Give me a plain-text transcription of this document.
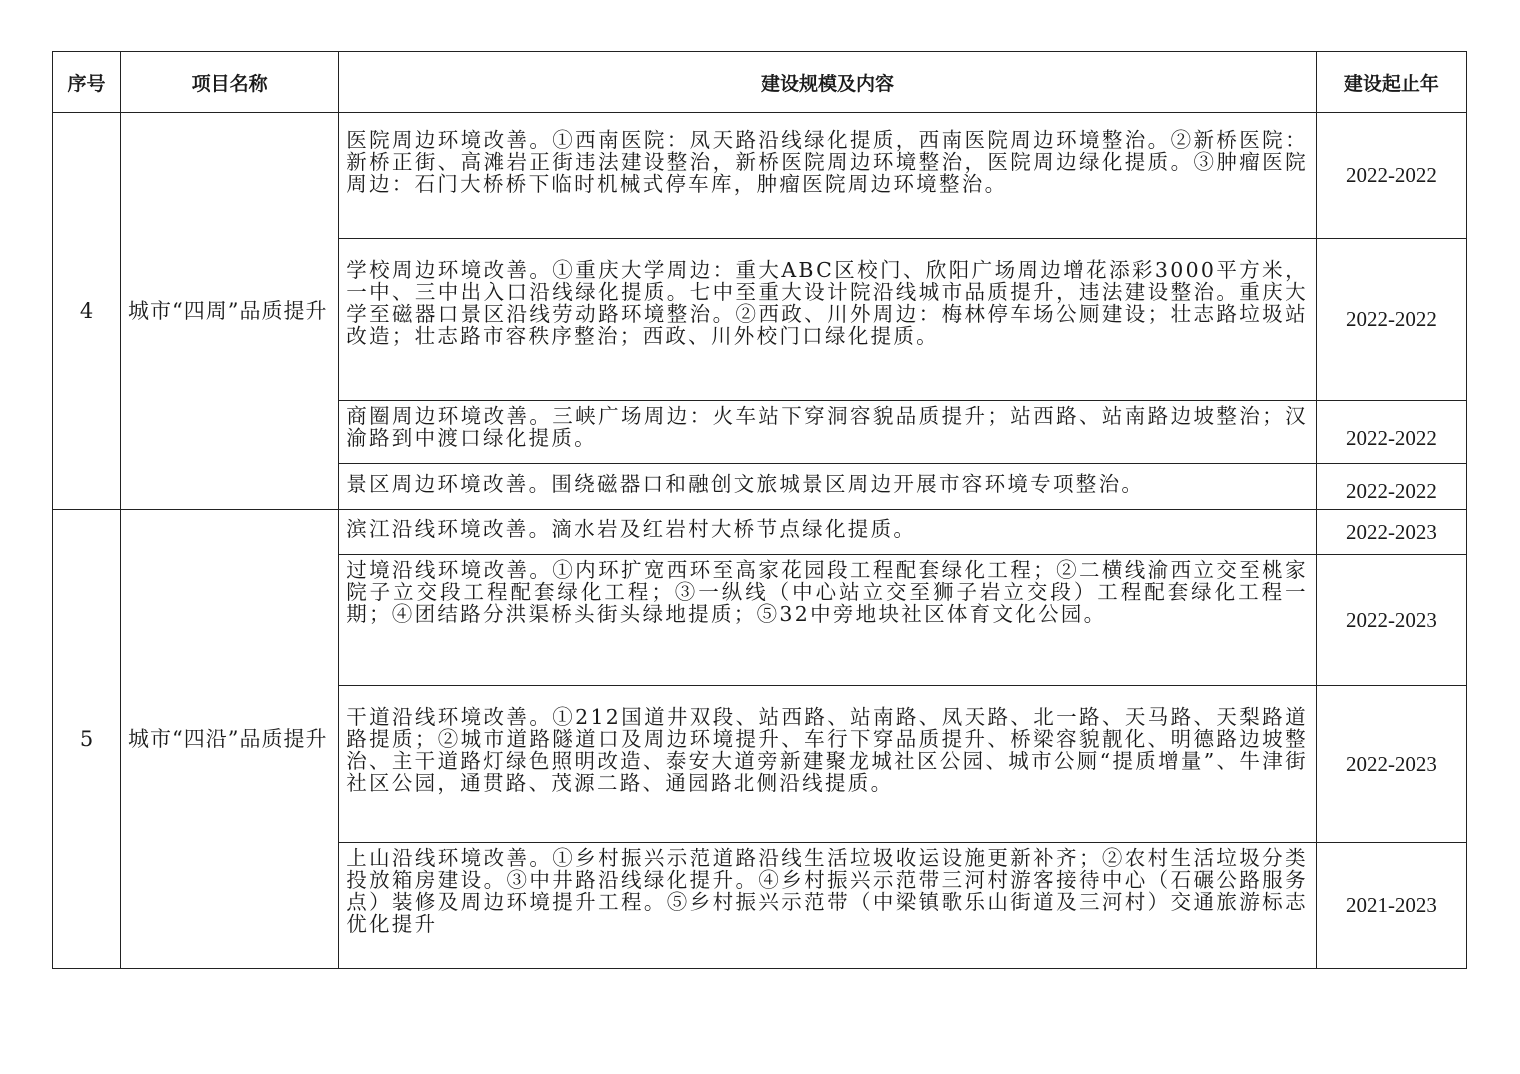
序号	项目名称	建设规模及内容	建设起止年
4	城市“四周”品质提升	医院周边环境改善。①西南医院：凤天路沿线绿化提质，西南医院周边环境整治。②新桥医院：新桥正街、高滩岩正街违法建设整治，新桥医院周边环境整治，医院周边绿化提质。③肿瘤医院周边：石门大桥桥下临时机械式停车库，肿瘤医院周边环境整治。	2022-2022
		学校周边环境改善。①重庆大学周边：重大ABC区校门、欣阳广场周边增花添彩3000平方米，一中、三中出入口沿线绿化提质。七中至重大设计院沿线城市品质提升，违法建设整治。重庆大学至磁器口景区沿线劳动路环境整治。②西政、川外周边：梅林停车场公厕建设；壮志路垃圾站改造；壮志路市容秩序整治；西政、川外校门口绿化提质。	2022-2022
		商圈周边环境改善。三峡广场周边：火车站下穿洞容貌品质提升；站西路、站南路边坡整治；汉渝路到中渡口绿化提质。	2022-2022
		景区周边环境改善。围绕磁器口和融创文旅城景区周边开展市容环境专项整治。	2022-2022
5	城市“四沿”品质提升	滨江沿线环境改善。滴水岩及红岩村大桥节点绿化提质。	2022-2023
		过境沿线环境改善。①内环扩宽西环至高家花园段工程配套绿化工程；②二横线渝西立交至桃家院子立交段工程配套绿化工程；③一纵线（中心站立交至狮子岩立交段）工程配套绿化工程一期；④团结路分洪渠桥头街头绿地提质；⑤32中旁地块社区体育文化公园。	2022-2023
		干道沿线环境改善。①212国道井双段、站西路、站南路、凤天路、北一路、天马路、天梨路道路提质；②城市道路隧道口及周边环境提升、车行下穿品质提升、桥梁容貌靓化、明德路边坡整治、主干道路灯绿色照明改造、泰安大道旁新建聚龙城社区公园、城市公厕“提质增量”、牛津街社区公园，通贯路、茂源二路、通园路北侧沿线提质。	2022-2023
		上山沿线环境改善。①乡村振兴示范道路沿线生活垃圾收运设施更新补齐；②农村生活垃圾分类投放箱房建设。③中井路沿线绿化提升。④乡村振兴示范带三河村游客接待中心（石碾公路服务点）装修及周边环境提升工程。⑤乡村振兴示范带（中梁镇歌乐山街道及三河村）交通旅游标志优化提升	2021-2023
